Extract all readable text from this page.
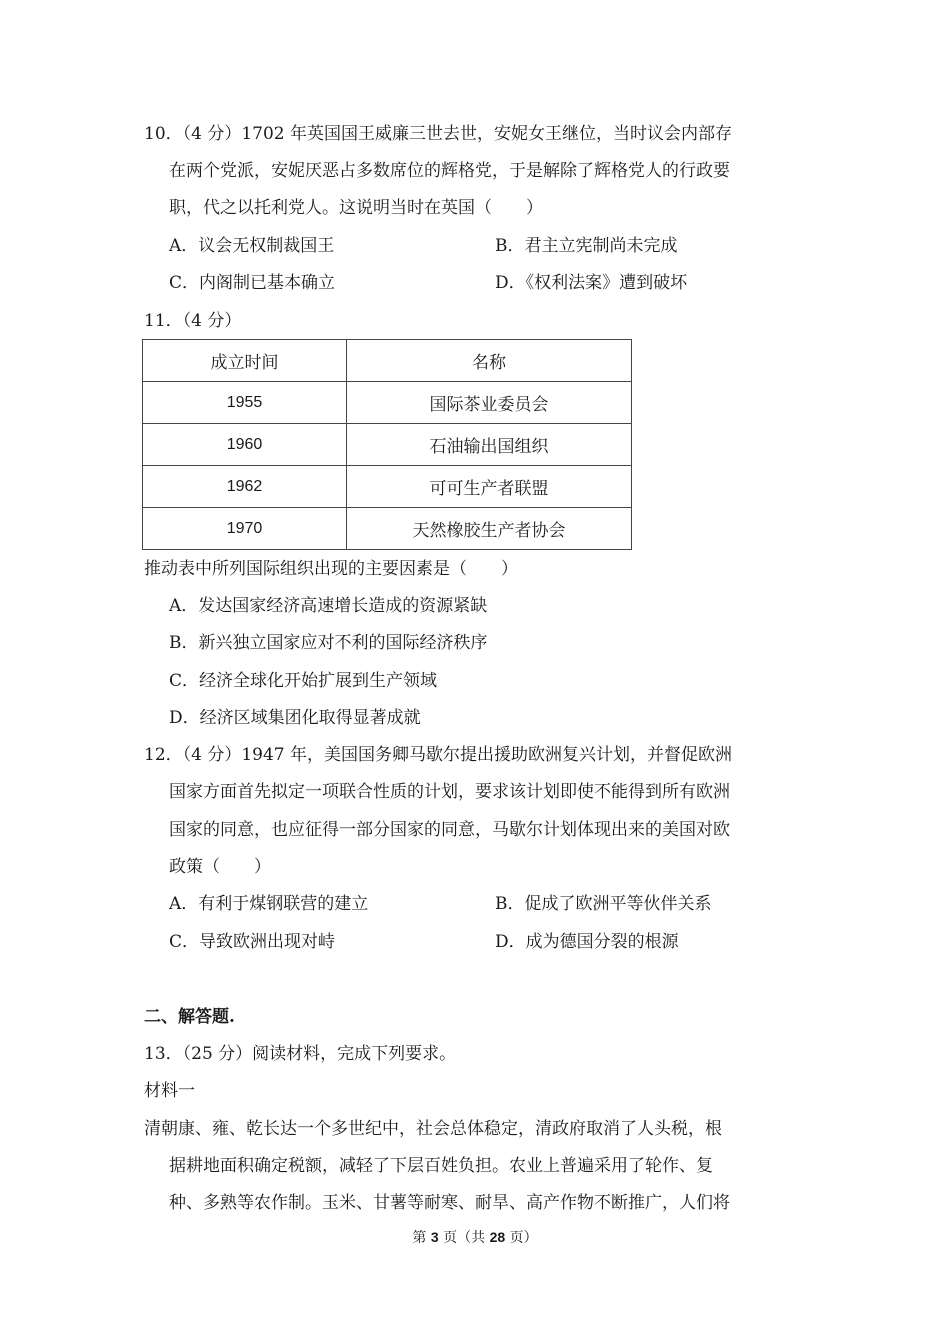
10．（4 分）1702 年英国国王威廉三世去世，安妮女王继位，当时议会内部存
在两个党派，安妮厌恶占多数席位的辉格党，于是解除了辉格党人的行政要
职，代之以托利党人。这说明当时在英国（　　）
A．议会无权制裁国王	B．君主立宪制尚未完成
C．内阁制已基本确立	D．《权利法案》遭到破坏
11．（4 分）
成立时间	名称
1955	国际茶业委员会
1960	石油输出国组织
1962	可可生产者联盟
1970	天然橡胶生产者协会
推动表中所列国际组织出现的主要因素是（　　）
A．发达国家经济高速增长造成的资源紧缺
B．新兴独立国家应对不利的国际经济秩序
C．经济全球化开始扩展到生产领域
D．经济区域集团化取得显著成就
12．（4 分）1947 年，美国国务卿马歇尔提出援助欧洲复兴计划，并督促欧洲
国家方面首先拟定一项联合性质的计划，要求该计划即使不能得到所有欧洲
国家的同意，也应征得一部分国家的同意，马歇尔计划体现出来的美国对欧
政策（　　）
A．有利于煤钢联营的建立	B．促成了欧洲平等伙伴关系
C．导致欧洲出现对峙	D．成为德国分裂的根源
二、解答题.
13．（25 分）阅读材料，完成下列要求。
材料一
清朝康、雍、乾长达一个多世纪中，社会总体稳定，清政府取消了人头税，根
据耕地面积确定税额，减轻了下层百姓负担。农业上普遍采用了轮作、复
种、多熟等农作制。玉米、甘薯等耐寒、耐旱、高产作物不断推广，人们将
第 3 页（共 28 页）
